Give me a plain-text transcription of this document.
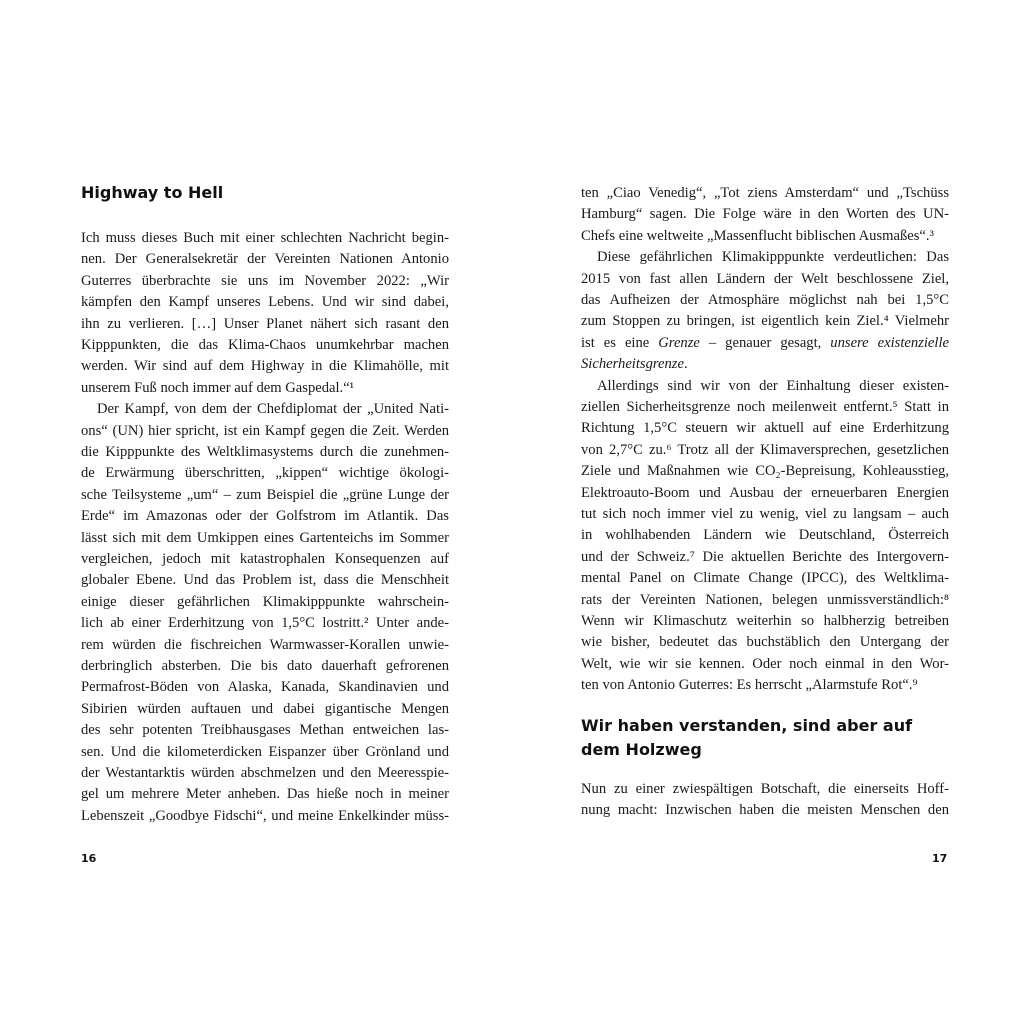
Highway to Hell
Ich muss dieses Buch mit einer schlechten Nachricht begin-
nen. Der Generalsekretär der Vereinten Nationen Antonio
Guterres überbrachte sie uns im November 2022: „Wir
kämpfen den Kampf unseres Lebens. Und wir sind dabei,
ihn zu verlieren. […] Unser Planet nähert sich rasant den
Kipppunkten, die das Klima-Chaos unumkehrbar machen
werden. Wir sind auf dem Highway in die Klimahölle, mit
unserem Fuß noch immer auf dem Gaspedal.“¹
Der Kampf, von dem der Chefdiplomat der „United Nati-
ons“ (UN) hier spricht, ist ein Kampf gegen die Zeit. Werden
die Kipppunkte des Weltklimasystems durch die zunehmen-
de Erwärmung überschritten, „kippen“ wichtige ökologi-
sche Teilsysteme „um“ – zum Beispiel die „grüne Lunge der
Erde“ im Amazonas oder der Golfstrom im Atlantik. Das
lässt sich mit dem Umkippen eines Gartenteichs im Sommer
vergleichen, jedoch mit katastrophalen Konsequenzen auf
globaler Ebene. Und das Problem ist, dass die Menschheit
einige dieser gefährlichen Klimakipppunkte wahrschein-
lich ab einer Erderhitzung von 1,5°C lostritt.² Unter ande-
rem würden die fischreichen Warmwasser-Korallen unwie-
derbringlich absterben. Die bis dato dauerhaft gefrorenen
Permafrost-Böden von Alaska, Kanada, Skandinavien und
Sibirien würden auftauen und dabei gigantische Mengen
des sehr potenten Treibhausgases Methan entweichen las-
sen. Und die kilometerdicken Eispanzer über Grönland und
der Westantarktis würden abschmelzen und den Meeresspie-
gel um mehrere Meter anheben. Das hieße noch in meiner
Lebenszeit „Goodbye Fidschi“, und meine Enkelkinder müss-
16
ten „Ciao Venedig“, „Tot ziens Amsterdam“ und „Tschüss
Hamburg“ sagen. Die Folge wäre in den Worten des UN-
Chefs eine weltweite „Massenflucht biblischen Ausmaßes“.³
Diese gefährlichen Klimakipppunkte verdeutlichen: Das
2015 von fast allen Ländern der Welt beschlossene Ziel,
das Aufheizen der Atmosphäre möglichst nah bei 1,5°C
zum Stoppen zu bringen, ist eigentlich kein Ziel.⁴ Vielmehr
ist es eine Grenze – genauer gesagt, unsere existenzielle
Sicherheitsgrenze.
Allerdings sind wir von der Einhaltung dieser existen-
ziellen Sicherheitsgrenze noch meilenweit entfernt.⁵ Statt in
Richtung 1,5°C steuern wir aktuell auf eine Erderhitzung
von 2,7°C zu.⁶ Trotz all der Klimaversprechen, gesetzlichen
Ziele und Maßnahmen wie CO₂-Bepreisung, Kohleausstieg,
Elektroauto-Boom und Ausbau der erneuerbaren Energien
tut sich noch immer viel zu wenig, viel zu langsam – auch
in wohlhabenden Ländern wie Deutschland, Österreich
und der Schweiz.⁷ Die aktuellen Berichte des Intergovern-
mental Panel on Climate Change (IPCC), des Weltklima-
rats der Vereinten Nationen, belegen unmissverständlich:⁸
Wenn wir Klimaschutz weiterhin so halbherzig betreiben
wie bisher, bedeutet das buchstäblich den Untergang der
Welt, wie wir sie kennen. Oder noch einmal in den Wor-
ten von Antonio Guterres: Es herrscht „Alarmstufe Rot“.⁹
Wir haben verstanden, sind aber auf dem Holzweg
Nun zu einer zwiespältigen Botschaft, die einerseits Hoff-
nung macht: Inzwischen haben die meisten Menschen den
17
